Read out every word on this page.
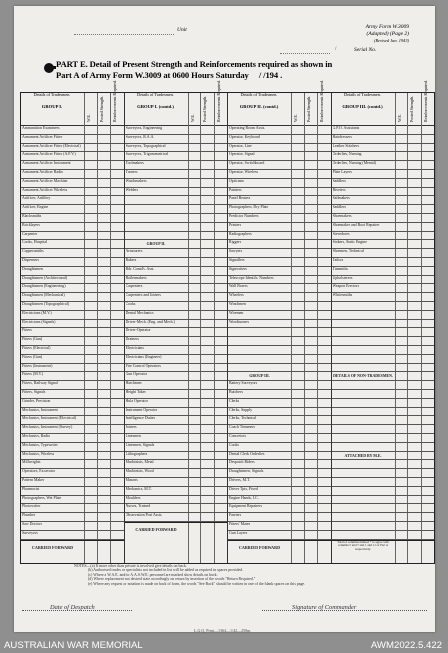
Unit	Army Form W.3009
(Adapted) (Page 2)
(Revised Jan. 1943)
Serial No.
/
PART E. Detail of Present Strength and Reinforcements required as shown in
Part A of Army Form W.3009 at 0600 Hours Saturday / /194 .
Details of Tradesmen.
GROUP I.
W.E. Posted Strength. Reinforcements Required.
Ammunition Examiners
Armament Artificer Fitter
Armament Artificer Fitter (Electrical)
Armament Artificer Fitter (A.F.V.)
Armament Artificer Instrument
Armament Artificer Radio
Armament Artificer Machine
Armament Artificer Wireless
Artificer, Artillery
Artificer, Engine
Blacksmiths
Bricklayers
Carpenter
Cooks, Hospital
Coppersmiths
Dispensers
Draughtsmen
Draughtsmen (Architectural)
Draughtsmen (Engineering)
Draughtsmen (Mechanical)
Draughtsmen (Topographical)
Electricians (M.V.)
Electricians (Signals)
Fitters
Fitters (Gun)
Fitters (Electrical)
Fitters (Gun)
Fitters (Instrument)
Fitters (M.V.)
Fitters, Railway Signal
Fitters, Signals
Grinder, Precision
Mechanics, Instrument
Mechanics, Instrument (Electrical)
Mechanics, Instrument (Survey)
Mechanics, Radio
Mechanics, Typewriter
Mechanics, Wireless
Millwrights
Operators, Excavator
Pattern Maker
Pharmacist
Photographers, Wet Plate
Photowriter
Plumber
Saw Doctors
Surveyors
CARRIED FORWARD
Details of Tradesmen.
GROUP I. (contd.)
W.E. Posted Strength. Reinforcements Required.
Surveyors, Engineering
Surveyors, R.A.A.
Surveyors, Topographical
Surveyors, Trigonometrical
Toolmakers
Turners
Watchmakers
Welders
GROUP II.
Armourers
Bakers
Bdr. Comd's. Asst.
Boilermakers
Carpenters
Carpenters and Joiners
Cooks
Dental Mechanics
Driver-Mech. (Eng. and Mech.)
Driver-Operator
Drainers
Electricians
Electricians (Engineer)
Fire Control Operators
Gun Operator
Hatchmen
Height Taker
Hula Operator
Instrument Operator
Intelligence Duties
Joiners
Linesmen
Linesmen, Signals
Lithographers
Machinists, Metal
Machinists, Wood
Masons
Mechanics, M.T.
Moulders
Nurses, Trained
Observation Post Assts.
CARRIED FORWARD
Details of Tradesmen.
GROUP II. (contd.)
W.E. Posted Strength. Reinforcements Required.
Operating Room Assts.
Operator, Keyboard
Operator, Line
Operator, Signal
Operator, Switchboard
Operator, Wireless
Opticians
Painters
Panel Beaters
Photographers, Dry Plate
Predictor Numbers
Printers
Radiographers
Riggers
Sawyers
Signallers
Signwriters
Telescope Identifs. Numbers
Wall Borers
Wheelers
Winchmen
Wiremen
Woodturners
GROUP III.
Battery Surveyors
Butchers
Clerks
Clerks, Supply
Clerks, Technical
Coach Trimmers
Concretors
Cooks
Dental Clerk Orderlies
Despatch Riders
Draughtsmen, Signals
Drivers, M.T.
Driver Tpts, Fixed
Engine Hands, I.C.
Equipment Repairers
Farriers
Fitters' Mates
Gun Layers
CARRIED FORWARD
Details of Tradesmen.
GROUP III. (contd.)
W.E. Posted Strength. Reinforcements Required.
G.P.O. Assistants
Hairdressers
Leather Stitchers
Orderlies, Nursing
Orderlies, Nursing (Mental)
Plate Layers
Saddlers
Riveters
Sailmakers
Saddlers
Shoemakers
Shoemaker and Boot Repairer
Stevedores
Stokers, Static Engine
Shoemen, Technical
Tailors
Tinsmiths
Upholsterers
Weapon Erectors
Whitesmiths
DETAILS OF NON-TRADESMEN.
ATTACHED BY M.E.
Total of columns marked * to agree with columns 5 and 7 and 1 and 11 of Part A respectively.
NOTES—(a) If more other than private is involved give details on back.
(b) Authorised trades or specialists not included in list will be added as required in spaces provided.
(c) Where a W.A.E. and/or A.A.S.W.E. personnel are marked show details on back.
(d) Where replacement not desired state accordingly on return by insertion of the words "Return Required."
(e) Where any request or notation is made on back of form, the words "See Back" should be written in one of the blank spaces on this page.
Date of Despatch	Signature of Commander
L.G.Q. Print—1364—1/42—250m.
AUSTRALIAN WAR MEMORIAL	AWM2022.5.422
